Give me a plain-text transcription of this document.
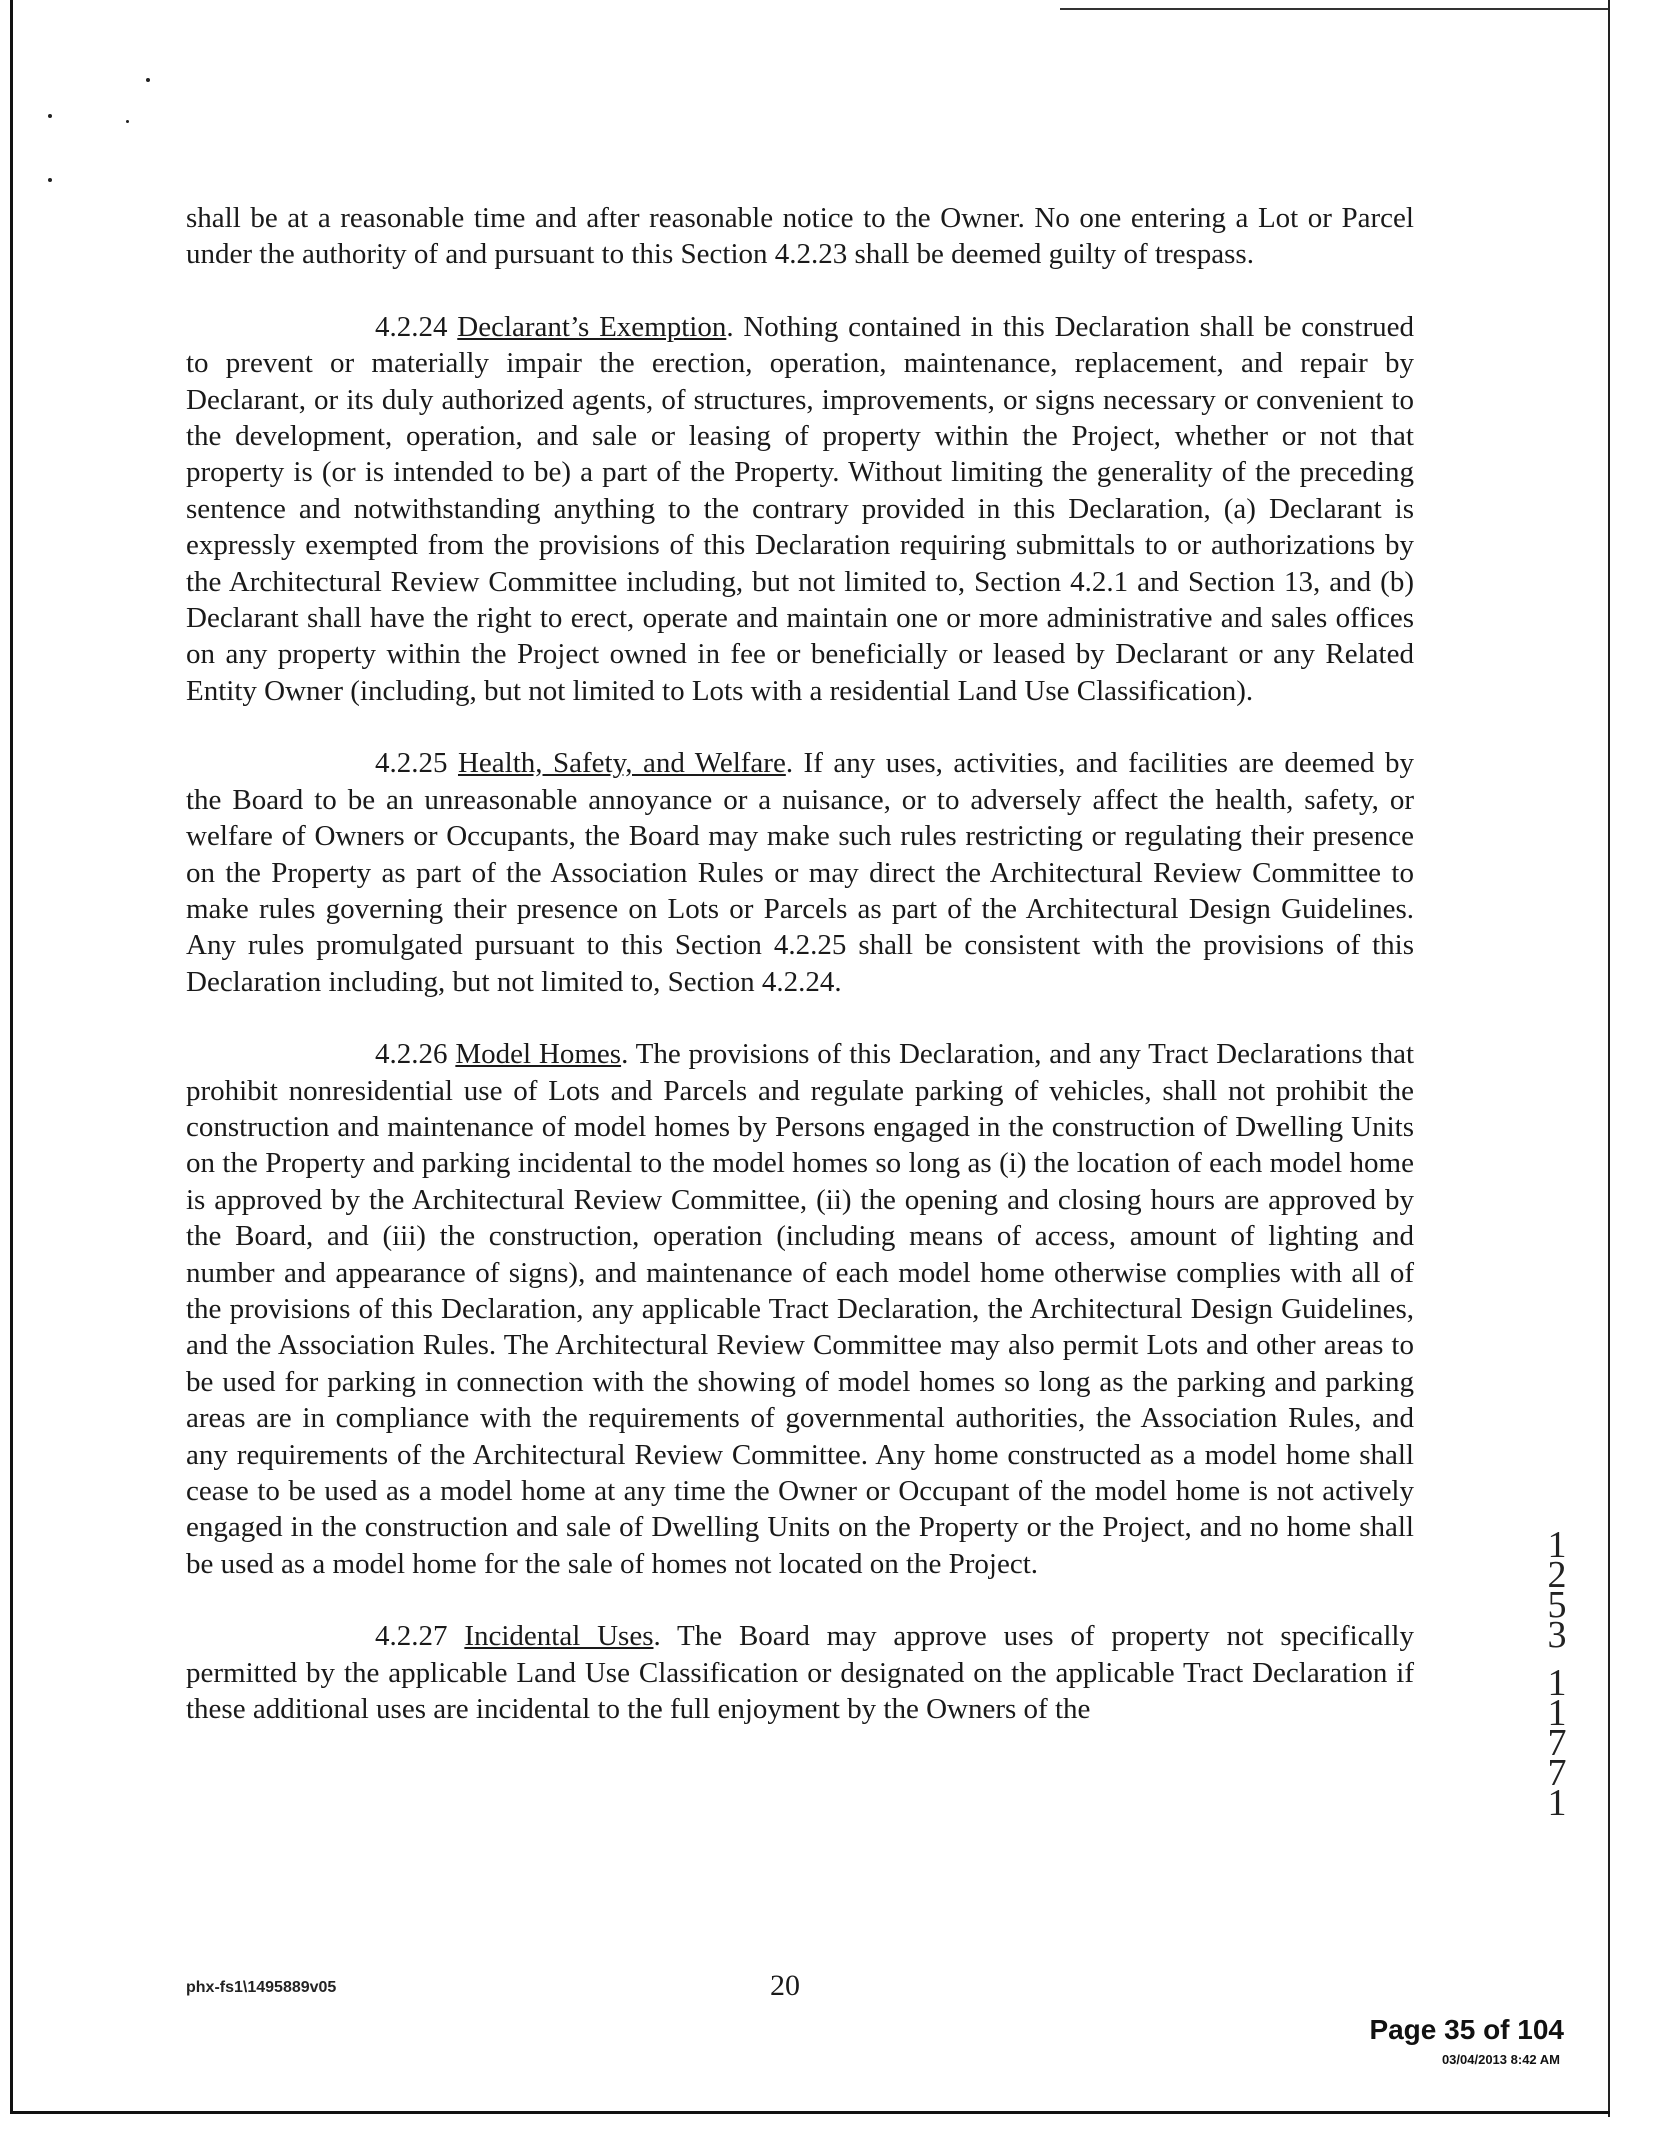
shall be at a reasonable time and after reasonable notice to the Owner. No one entering a Lot or Parcel under the authority of and pursuant to this Section 4.2.23 shall be deemed guilty of trespass.

4.2.24 Declarant’s Exemption. Nothing contained in this Declaration shall be construed to prevent or materially impair the erection, operation, maintenance, replacement, and repair by Declarant, or its duly authorized agents, of structures, improvements, or signs necessary or convenient to the development, operation, and sale or leasing of property within the Project, whether or not that property is (or is intended to be) a part of the Property. Without limiting the generality of the preceding sentence and notwithstanding anything to the contrary provided in this Declaration, (a) Declarant is expressly exempted from the provisions of this Declaration requiring submittals to or authorizations by the Architectural Review Committee including, but not limited to, Section 4.2.1 and Section 13, and (b) Declarant shall have the right to erect, operate and maintain one or more administrative and sales offices on any property within the Project owned in fee or beneficially or leased by Declarant or any Related Entity Owner (including, but not limited to Lots with a residential Land Use Classification).

4.2.25 Health, Safety, and Welfare. If any uses, activities, and facilities are deemed by the Board to be an unreasonable annoyance or a nuisance, or to adversely affect the health, safety, or welfare of Owners or Occupants, the Board may make such rules restricting or regulating their presence on the Property as part of the Association Rules or may direct the Architectural Review Committee to make rules governing their presence on Lots or Parcels as part of the Architectural Design Guidelines. Any rules promulgated pursuant to this Section 4.2.25 shall be consistent with the provisions of this Declaration including, but not limited to, Section 4.2.24.

4.2.26 Model Homes. The provisions of this Declaration, and any Tract Declarations that prohibit nonresidential use of Lots and Parcels and regulate parking of vehicles, shall not prohibit the construction and maintenance of model homes by Persons engaged in the construction of Dwelling Units on the Property and parking incidental to the model homes so long as (i) the location of each model home is approved by the Architectural Review Committee, (ii) the opening and closing hours are approved by the Board, and (iii) the construction, operation (including means of access, amount of lighting and number and appearance of signs), and maintenance of each model home otherwise complies with all of the provisions of this Declaration, any applicable Tract Declaration, the Architectural Design Guidelines, and the Association Rules. The Architectural Review Committee may also permit Lots and other areas to be used for parking in connection with the showing of model homes so long as the parking and parking areas are in compliance with the requirements of governmental authorities, the Association Rules, and any requirements of the Architectural Review Committee. Any home constructed as a model home shall cease to be used as a model home at any time the Owner or Occupant of the model home is not actively engaged in the construction and sale of Dwelling Units on the Property or the Project, and no home shall be used as a model home for the sale of homes not located on the Project.

4.2.27 Incidental Uses. The Board may approve uses of property not specifically permitted by the applicable Land Use Classification or designated on the applicable Tract Declaration if these additional uses are incidental to the full enjoyment by the Owners of the

1
2
5
3
1
1
7
7
1
phx-fs1\1495889v05	20
Page 35 of 104
03/04/2013 8:42 AM
